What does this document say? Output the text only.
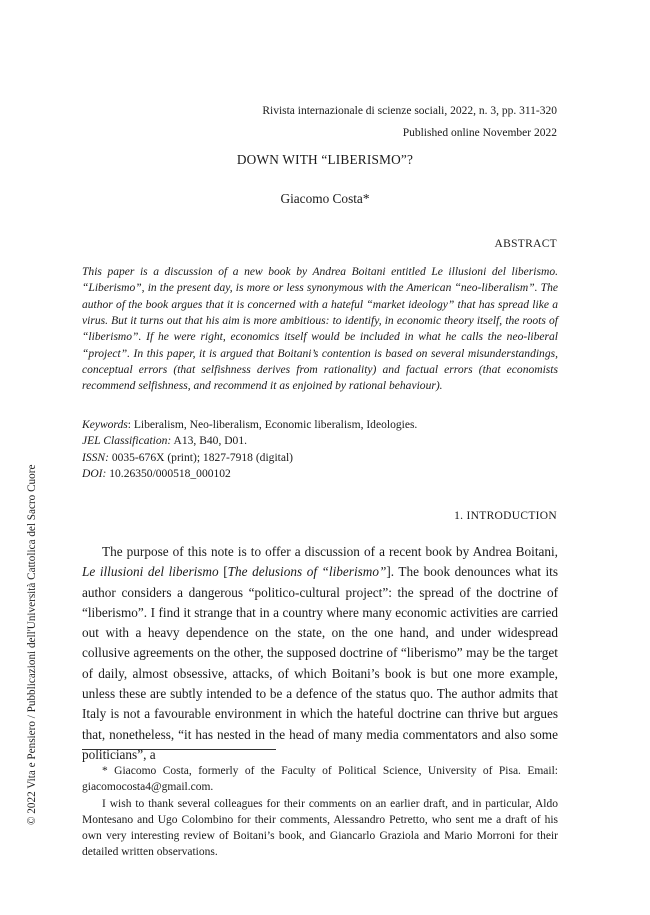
© 2022 Vita e Pensiero / Pubblicazioni dell'Università Cattolica del Sacro Cuore
Rivista internazionale di scienze sociali, 2022, n. 3, pp. 311-320
Published online November 2022
DOWN WITH “LIBERISMO”?
Giacomo Costa*
ABSTRACT
This paper is a discussion of a new book by Andrea Boitani entitled Le illusioni del liberismo. “Liberismo”, in the present day, is more or less synonymous with the American “neo-liberalism”. The author of the book argues that it is concerned with a hateful “market ideology” that has spread like a virus. But it turns out that his aim is more ambitious: to identify, in economic theory itself, the roots of “liberismo”. If he were right, economics itself would be included in what he calls the neo-liberal “project”. In this paper, it is argued that Boitani’s contention is based on several misunderstandings, conceptual errors (that selfishness derives from rationality) and factual errors (that economists recommend selfishness, and recommend it as enjoined by rational behaviour).
Keywords: Liberalism, Neo-liberalism, Economic liberalism, Ideologies.
JEL Classification: A13, B40, D01.
ISSN: 0035-676X (print); 1827-7918 (digital)
DOI: 10.26350/000518_000102
1. INTRODUCTION
The purpose of this note is to offer a discussion of a recent book by Andrea Boitani, Le illusioni del liberismo [The delusions of “liberismo”]. The book denounces what its author considers a dangerous “politico-cultural project”: the spread of the doctrine of “liberismo”. I find it strange that in a country where many economic activities are carried out with a heavy dependence on the state, on the one hand, and under widespread collusive agreements on the other, the supposed doctrine of “liberismo” may be the target of daily, almost obsessive, attacks, of which Boitani’s book is but one more example, unless these are subtly intended to be a defence of the status quo. The author admits that Italy is not a favourable environment in which the hateful doctrine can thrive but argues that, nonetheless, “it has nested in the head of many media commentators and also some politicians”, a

* Giacomo Costa, formerly of the Faculty of Political Science, University of Pisa. Email: giacomocosta4@gmail.com.

I wish to thank several colleagues for their comments on an earlier draft, and in particular, Aldo Montesano and Ugo Colombino for their comments, Alessandro Petretto, who sent me a draft of his own very interesting review of Boitani’s book, and Giancarlo Graziola and Mario Morroni for their detailed written observations.
